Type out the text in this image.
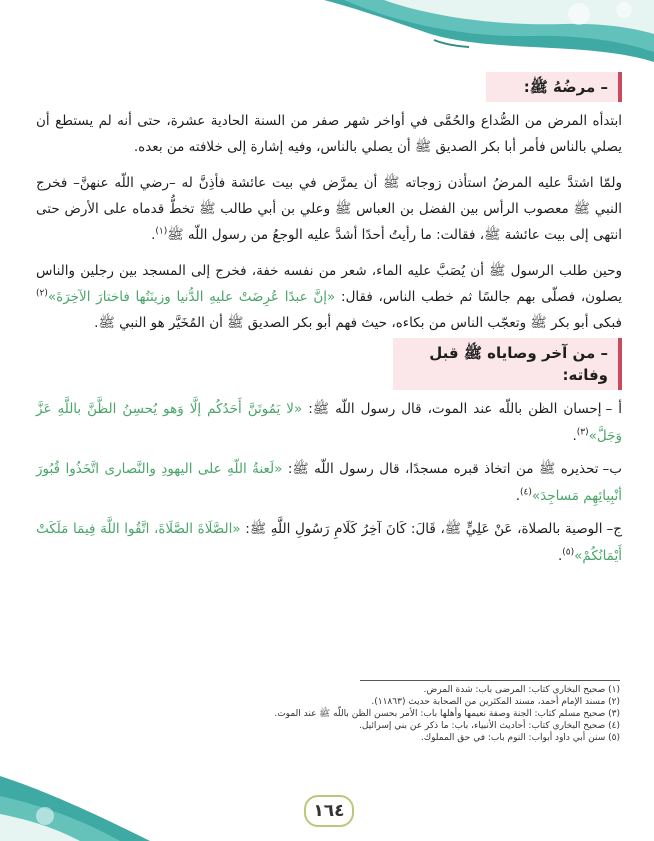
– مرضُهُ ﷺ:

ابتدأه المرض من الصُّداع والحُمَّى في أواخر شهر صفر من السنة الحادية عشرة، حتى أنه لم يستطع أن يصلي بالناس فأمر أبا بكر الصديق ﷺ أن يصلي بالناس، وفيه إشارة إلى خلافته من بعده.

ولمّا اشتدَّ عليه المرضُ استأذن زوجاته ﷺ أن يمرَّض في بيت عائشة فأذِنَّ له –رضي اللّه عنهنَّ– فخرج النبي ﷺ معصوب الرأس بين الفضل بن العباس ﷺ وعلي بن أبي طالب ﷺ تخطُّ قدماه على الأرض حتى انتهى إلى بيت عائشة ﷺ، فقالت: ما رأيتُ أحدًا أشدَّ عليه الوجعُ من رسول اللّه ﷺ$^{(١)}$.

وحين طلب الرسول ﷺ أن يُصَبَّ عليه الماء، شعر من نفسه خفة، فخرج إلى المسجد بين رجلين والناس يصلون، فصلّى بهم جالسًا ثم خطب الناس، فقال: «إنَّ عبدًا عُرِضَتْ عليهِ الدُّنيا وزينَتُها فاختارَ الآخِرَةَ»$^{(٢)}$ فبكى أبو بكر ﷺ وتعجّب الناس من بكاءه، حيث فهم أبو بكر الصديق ﷺ أن المُخَيَّر هو النبي ﷺ.

– من آخر وصاياه ﷺ قبل وفاته:

أ –إحسان الظن باللّه عند الموت، قال رسول اللّه ﷺ: «لا يَمُوتَنَّ أَحَدُكُم إلَّا وَهو يُحسِنُ الظَّنَّ باللَّهِ عَزَّ وَجَلَّ»$^{(٣)}$.

ب–تحذيره ﷺ من اتخاذ قبره مسجدًا، قال رسول اللّه ﷺ: «لَعنةُ اللّهِ على اليهودِ والنَّصارى اتَّخَذُوا قُبُورَ أنْبِيائِهِم مَساجِدَ»$^{(٤)}$.

ج–الوصية بالصلاة، عَنْ عَلِيٍّ ﷺ، قَالَ: كَانَ آخِرُ كَلَامِ رَسُولِ اللَّهِ ﷺ: «الصَّلَاةَ الصَّلَاةَ، اتَّقُوا اللَّهَ فِيمَا مَلَكَتْ أَيْمَانُكُمْ»$^{(٥)}$.

(١) صحيح البخاري كتاب: المرضى باب: شدة المرض.
(٢) مسند الإمام أحمد، مسند المكثرين من الصحابة حديث (١١٨٦٣).
(٣) صحيح مسلم كتاب: الجنة وصفة نعيمها وأهلها باب: الأمر بحسن الظن باللّه ﷺ عند الموت.
(٤) صحيح البخاري كتاب: أحاديث الأنبياء، باب: ما ذكر عن بني إسرائيل.
(٥) سنن أبي داود أبواب: النوم باب: في حق المملوك.
١٦٤
